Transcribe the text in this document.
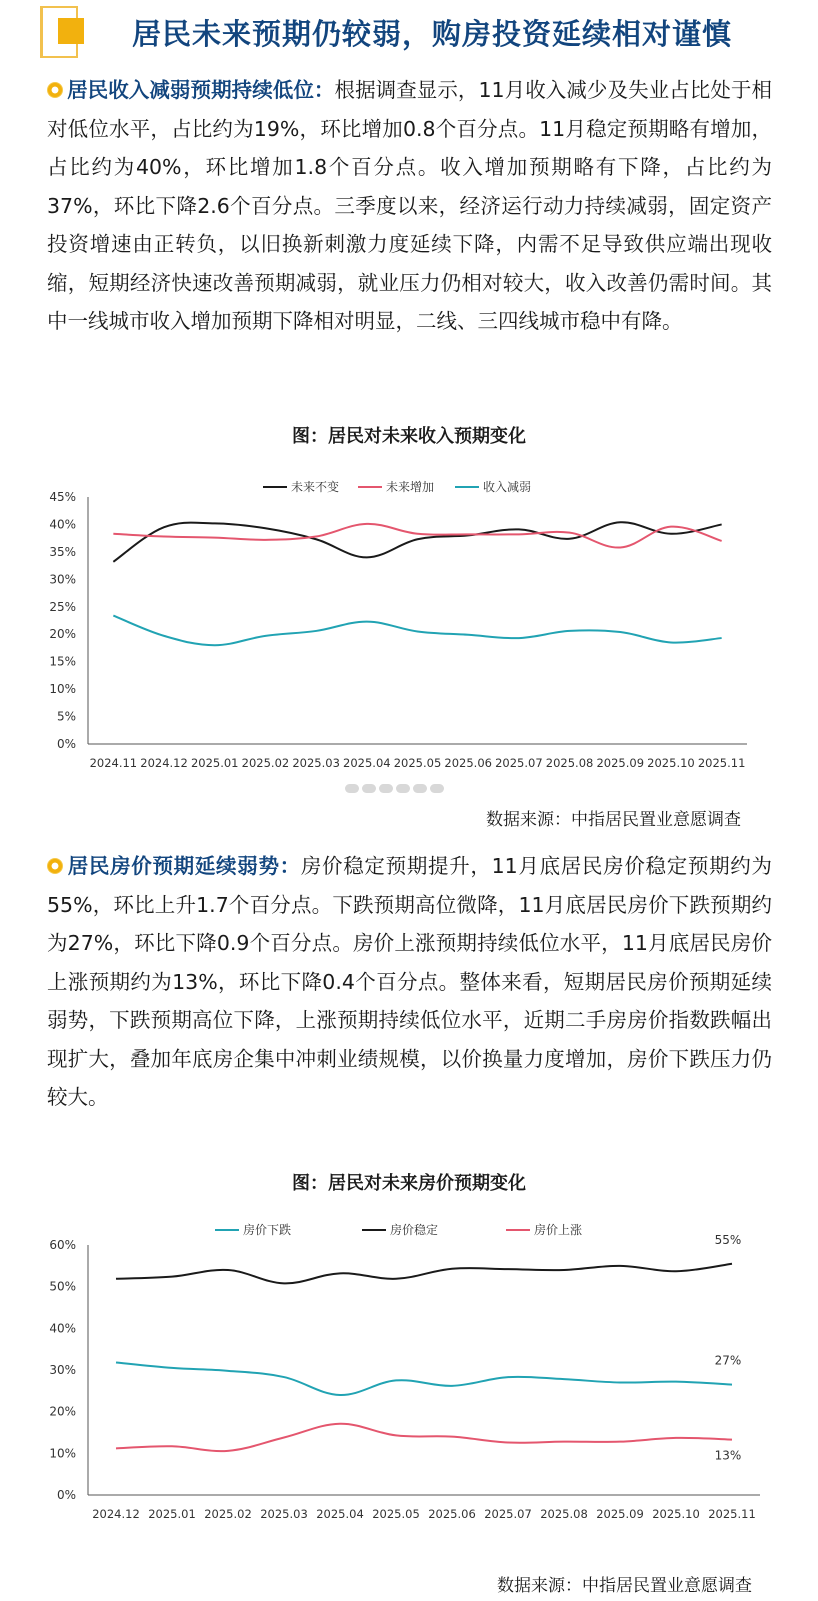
居民未来预期仍较弱，购房投资延续相对谨慎

居民收入减弱预期持续低位：根据调查显示，11月收入减少及失业占比处于相对低位水平，占比约为19%，环比增加0.8个百分点。11月稳定预期略有增加，占比约为40%，环比增加1.8个百分点。收入增加预期略有下降，占比约为37%，环比下降2.6个百分点。三季度以来，经济运行动力持续减弱，固定资产投资增速由正转负，以旧换新刺激力度延续下降，内需不足导致供应端出现收缩，短期经济快速改善预期减弱，就业压力仍相对较大，收入改善仍需时间。其中一线城市收入增加预期下降相对明显，二线、三四线城市稳中有降。

图：居民对未来收入预期变化
0%
5%
10%
15%
20%
25%
30%
35%
40%
45%
2024.11 2024.12 2025.01 2025.02 2025.03 2025.04 2025.05 2025.06 2025.07 2025.08 2025.09 2025.10 2025.11
未来不变	未来增加	收入减弱
数据来源：中指居民置业意愿调查

居民房价预期延续弱势：房价稳定预期提升，11月底居民房价稳定预期约为55%，环比上升1.7个百分点。下跌预期高位微降，11月底居民房价下跌预期约为27%，环比下降0.9个百分点。房价上涨预期持续低位水平，11月底居民房价上涨预期约为13%，环比下降0.4个百分点。整体来看，短期居民房价预期延续弱势，下跌预期高位下降，上涨预期持续低位水平，近期二手房房价指数跌幅出现扩大，叠加年底房企集中冲刺业绩规模，以价换量力度增加，房价下跌压力仍较大。

图：居民对未来房价预期变化
0%
10%
20%
30%
40%
50%
60%
2024.12 2025.01 2025.02 2025.03 2025.04 2025.05 2025.06 2025.07 2025.08 2025.09 2025.10 2025.11
房价下跌	房价稳定	房价上涨
55%
27%
13%
数据来源：中指居民置业意愿调查
